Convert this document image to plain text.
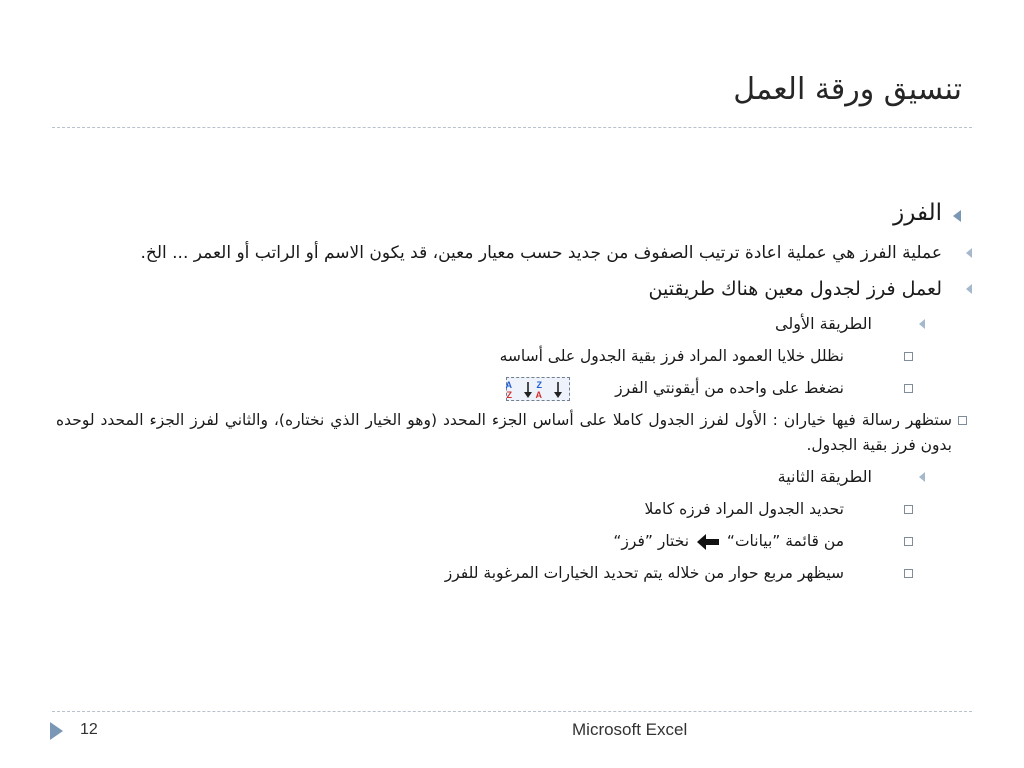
تنسيق ورقة العمل
الفرز
عملية الفرز هي عملية اعادة ترتيب الصفوف من جديد حسب معيار معين، قد يكون الاسم أو الراتب أو العمر ... الخ.
لعمل فرز لجدول معين هناك طريقتين
الطريقة الأولى
نظلل خلايا العمود المراد فرز بقية الجدول على أساسه
نضغط على واحده من أيقونتي الفرز
Z
A
A
Z
ستظهر رسالة فيها خياران : الأول لفرز الجدول كاملا على أساس الجزء المحدد (وهو الخيار الذي نختاره)، والثاني لفرز الجزء المحدد لوحده بدون فرز بقية الجدول.
الطريقة الثانية
تحديد الجدول المراد فرزه كاملا
من قائمة ”بيانات“  نختار ”فرز“
سيظهر مربع حوار من خلاله يتم تحديد الخيارات المرغوبة للفرز
12	Microsoft Excel
